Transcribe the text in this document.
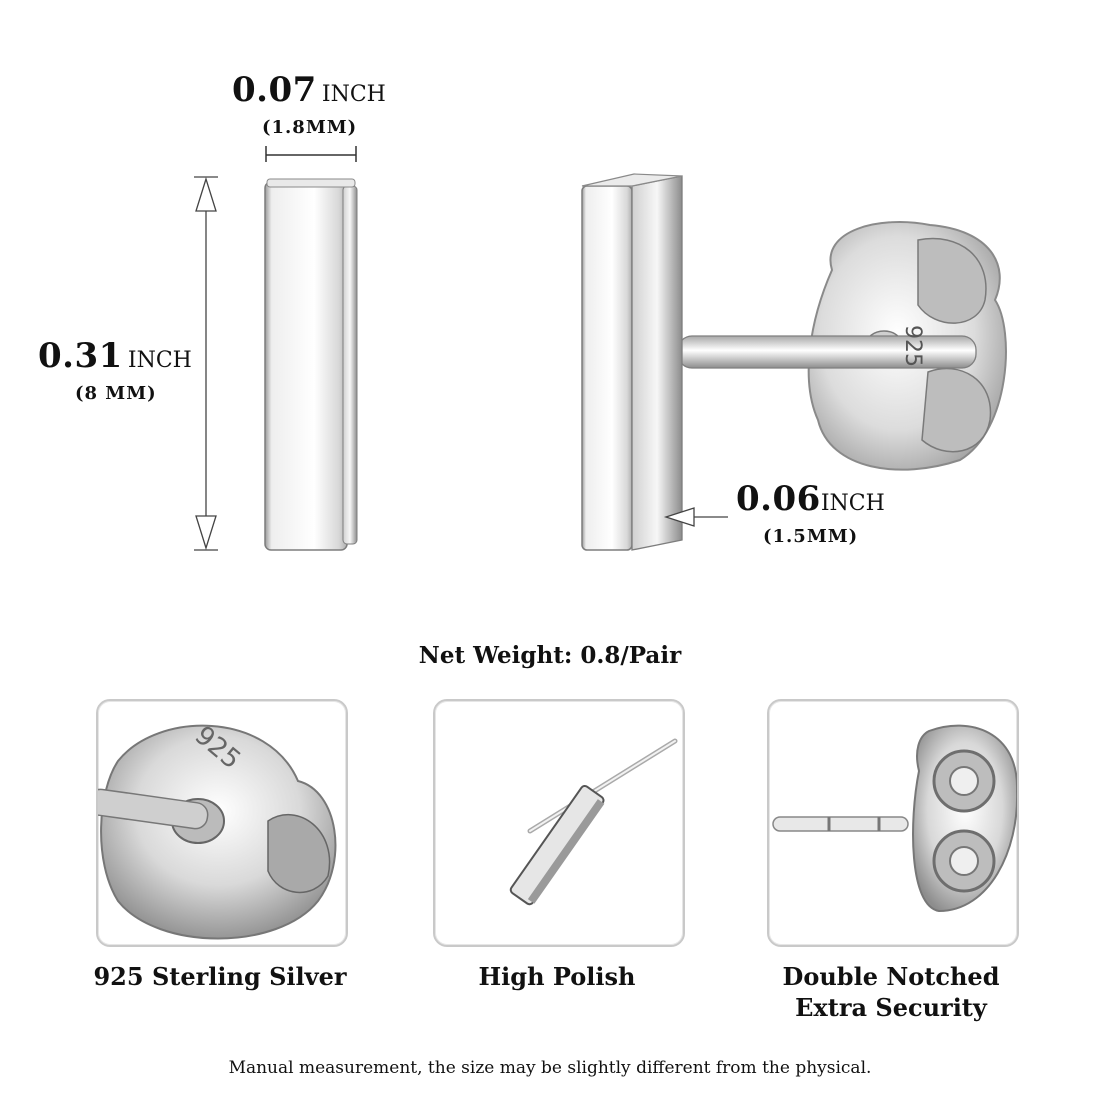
0.07 INCH
(1.8MM)
0.31 INCH
(8 MM)
0.06INCH
(1.5MM)
925
Net Weight: 0.8/Pair
925
925 Sterling Silver	High Polish	Double Notched
Extra Security
Manual measurement, the size may be slightly different from the physical.
